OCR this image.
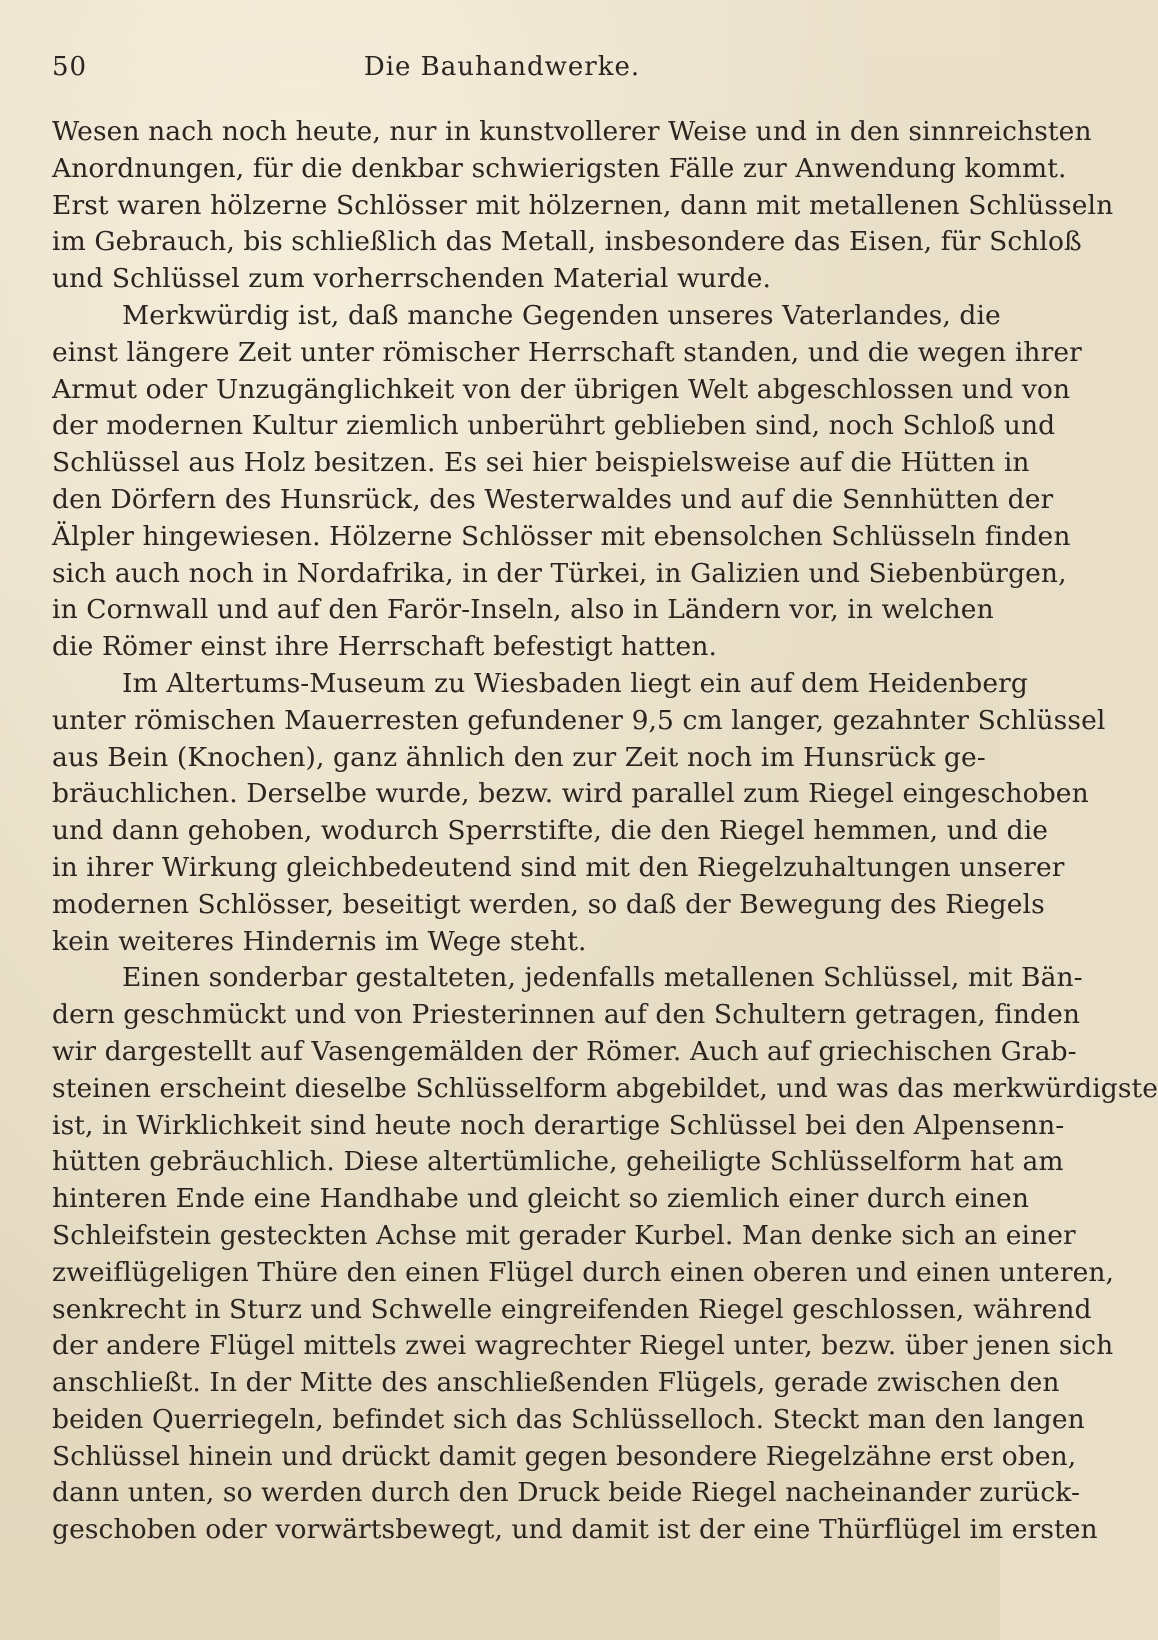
50	Die Bauhandwerke.

Wesen nach noch heute, nur in kunstvollerer Weise und in den sinnreichsten
Anordnungen, für die denkbar schwierigsten Fälle zur Anwendung kommt.
Erst waren hölzerne Schlösser mit hölzernen, dann mit metallenen Schlüsseln
im Gebrauch, bis schließlich das Metall, insbesondere das Eisen, für Schloß
und Schlüssel zum vorherrschenden Material wurde.

Merkwürdig ist, daß manche Gegenden unseres Vaterlandes, die
einst längere Zeit unter römischer Herrschaft standen, und die wegen ihrer
Armut oder Unzugänglichkeit von der übrigen Welt abgeschlossen und von
der modernen Kultur ziemlich unberührt geblieben sind, noch Schloß und
Schlüssel aus Holz besitzen. Es sei hier beispielsweise auf die Hütten in
den Dörfern des Hunsrück, des Westerwaldes und auf die Sennhütten der
Älpler hingewiesen. Hölzerne Schlösser mit ebensolchen Schlüsseln finden
sich auch noch in Nordafrika, in der Türkei, in Galizien und Siebenbürgen,
in Cornwall und auf den Farör-Inseln, also in Ländern vor, in welchen
die Römer einst ihre Herrschaft befestigt hatten.

Im Altertums-Museum zu Wiesbaden liegt ein auf dem Heidenberg
unter römischen Mauerresten gefundener 9,5 cm langer, gezahnter Schlüssel
aus Bein (Knochen), ganz ähnlich den zur Zeit noch im Hunsrück ge-
bräuchlichen. Derselbe wurde, bezw. wird parallel zum Riegel eingeschoben
und dann gehoben, wodurch Sperrstifte, die den Riegel hemmen, und die
in ihrer Wirkung gleichbedeutend sind mit den Riegelzuhaltungen unserer
modernen Schlösser, beseitigt werden, so daß der Bewegung des Riegels
kein weiteres Hindernis im Wege steht.

Einen sonderbar gestalteten, jedenfalls metallenen Schlüssel, mit Bän-
dern geschmückt und von Priesterinnen auf den Schultern getragen, finden
wir dargestellt auf Vasengemälden der Römer. Auch auf griechischen Grab-
steinen erscheint dieselbe Schlüsselform abgebildet, und was das merkwürdigste
ist, in Wirklichkeit sind heute noch derartige Schlüssel bei den Alpensenn-
hütten gebräuchlich. Diese altertümliche, geheiligte Schlüsselform hat am
hinteren Ende eine Handhabe und gleicht so ziemlich einer durch einen
Schleifstein gesteckten Achse mit gerader Kurbel. Man denke sich an einer
zweiflügeligen Thüre den einen Flügel durch einen oberen und einen unteren,
senkrecht in Sturz und Schwelle eingreifenden Riegel geschlossen, während
der andere Flügel mittels zwei wagrechter Riegel unter, bezw. über jenen sich
anschließt. In der Mitte des anschließenden Flügels, gerade zwischen den
beiden Querriegeln, befindet sich das Schlüsselloch. Steckt man den langen
Schlüssel hinein und drückt damit gegen besondere Riegelzähne erst oben,
dann unten, so werden durch den Druck beide Riegel nacheinander zurück-
geschoben oder vorwärtsbewegt, und damit ist der eine Thürflügel im ersten
